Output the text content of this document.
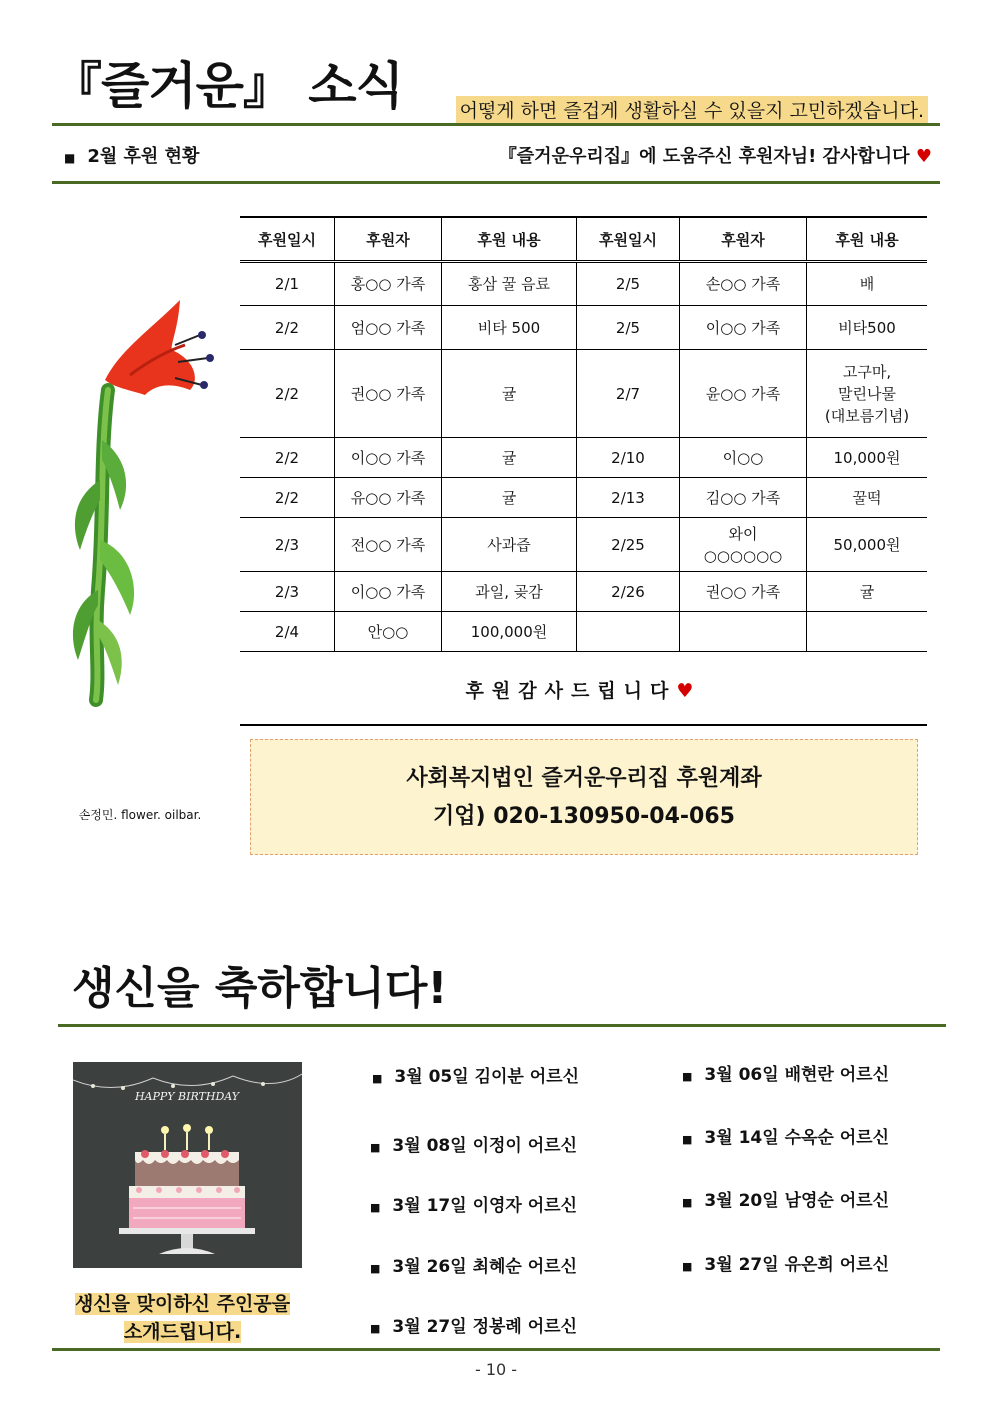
『즐거운』 소식	어떻게 하면 즐겁게 생활하실 수 있을지 고민하겠습니다.
■ 2월 후원 현황	『즐거운우리집』에 도움주신 후원자님! 감사합니다 ♥
손정민. flower. oilbar.
후원일시	후원자	후원 내용	후원일시	후원자	후원 내용
2/1	홍○○ 가족	홍삼 꿀 음료	2/5	손○○ 가족	배
2/2	엄○○ 가족	비타 500	2/5	이○○ 가족	비타500
2/2	권○○ 가족	귤	2/7	윤○○ 가족	고구마,
말린나물
(대보름기념)
2/2	이○○ 가족	귤	2/10	이○○	10,000원
2/2	유○○ 가족	귤	2/13	김○○ 가족	꿀떡
2/3	전○○ 가족	사과즙	2/25	와이
○○○○○○	50,000원
2/3	이○○ 가족	과일, 곶감	2/26	권○○ 가족	귤
2/4	안○○	100,000원			
후원감사드립니다♥
사회복지법인 즐거운우리집 후원계좌
기업) 020-130950-04-065
생신을 축하합니다!
HAPPY BIRTHDAY
생신을 맞이하신 주인공을
소개드립니다.
■ 3월 05일 김이분 어르신
■ 3월 08일 이정이 어르신
■ 3월 17일 이영자 어르신
■ 3월 26일 최혜순 어르신
■ 3월 27일 정봉례 어르신
■ 3월 06일 배현란 어르신
■ 3월 14일 수옥순 어르신
■ 3월 20일 남영순 어르신
■ 3월 27일 유온희 어르신
- 10 -
